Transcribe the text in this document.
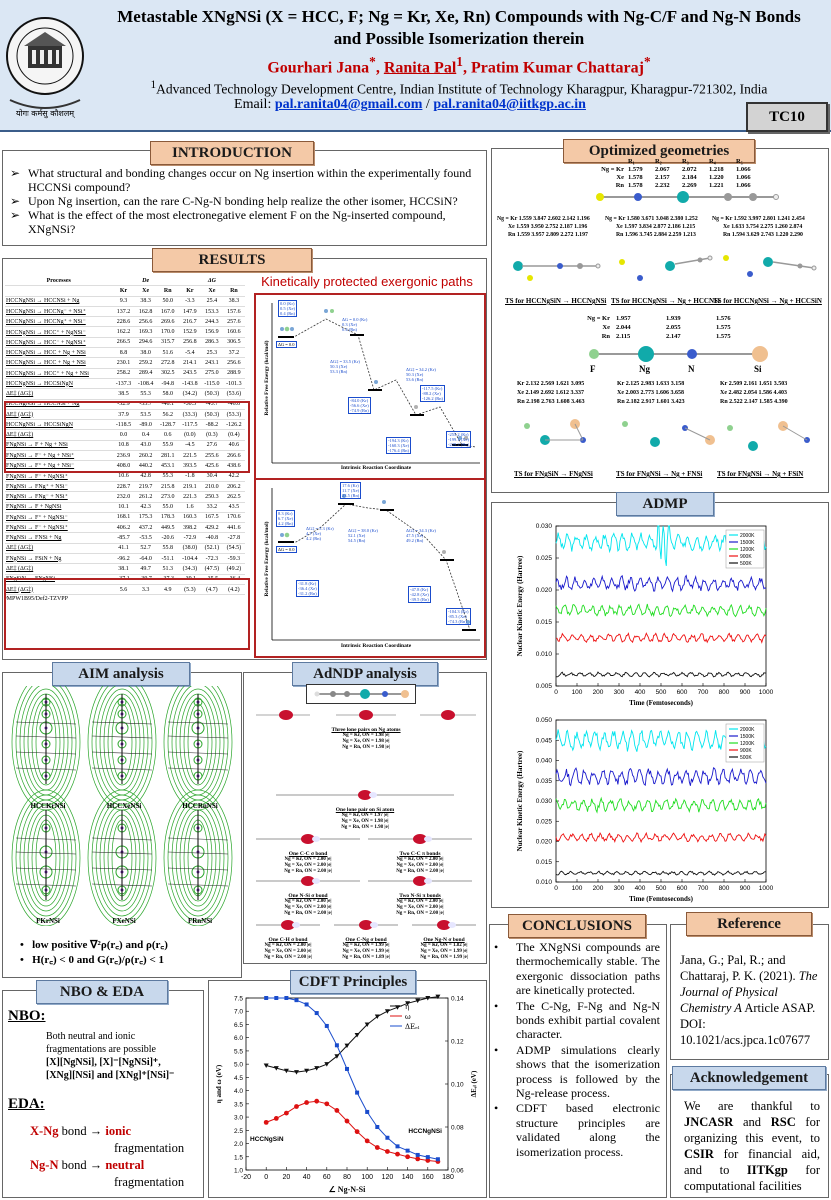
योगः कर्मसु कौशलम्
Metastable XNgNSi (X = HCC, F; Ng = Kr, Xe, Rn) Compounds with Ng-C/F and Ng-N Bonds
and Possible Isomerization therein
Gourhari Jana*, Ranita Pal$^1$, Pratim Kumar Chattaraj*
$^1$Advanced Technology Development Centre, Indian Institute of Technology Kharagpur, Kharagpur-721302, India
Email: pal.ranita04@gmail.com / pal.ranita04@iitkgp.ac.in
TC10
INTRODUCTION
➢ What structural and bonding changes occur on Ng insertion within the experimentally found HCCNSi compound?
➢ Upon Ng insertion, can the rare C-Ng-N bonding help realize the other isomer, HCCSiN?
➢ What is the effect of the most electronegative element F on the Ng-inserted compound, XNgNSi?
RESULTS
Processes	De			ΔG		
	Kr	Xe	Rn	Kr	Xe	Rn
HCCNgNSi → HCCNSi + Ng	9.3	38.3	50.0	-3.3	25.4	38.3
HCCNgNSi → HCCNg⁻ + NSi⁺	137.2	162.8	167.0	147.9	153.3	157.6
HCCNgNSi → HCCNg⁺ + NSi⁻	228.6	256.6	269.6	216.7	244.3	257.6
HCCNgNSi → HCC⁺ + NgNSi⁻	162.2	169.3	170.0	152.9	156.9	160.6
HCCNgNSi → HCC⁻ + NgNSi⁺	266.5	294.6	315.7	256.8	286.3	306.5
HCCNgNSi → HCC + Ng + NSi	8.8	38.0	51.6	-5.4	25.3	37.2
HCCNgNSi → HCC + Ng + NSi	230.1	259.2	272.8	214.1	243.1	256.6
HCCNgNSi → HCC⁺ + Ng + NSi	258.2	289.4	302.5	243.5	275.0	288.9
HCCNgNSi → HCCSiNgN	-137.3	-108.4	-94.8	-143.8	-115.0	-101.3
ΔE‡ (ΔG‡)	38.5	55.3	58.0	(34.2)	(50.3)	(53.6)
HCCNgNSi → HCCNSi + Ng	-52.9	-53.7	-46.1	-50.3	-45.7	-46.0
ΔE‡ (ΔG‡)	37.9	53.5	56.2	(33.3)	(50.3)	(53.3)
HCCNgNSi → HCCSiNgN	-118.5	-89.0	-128.7	-117.5	-88.2	-126.2
ΔE‡ (ΔG‡)	0.0	0.4	0.6	(0.0)	(0.3)	(0.4)
FNgNSi → F + Ng + NSi	10.8	43.0	55.9	-4.5	27.6	40.6
FNgNSi → F⁻ + Ng + NSi⁺	236.9	260.2	281.1	221.5	255.6	266.6
FNgNSi → F⁺ + Ng + NSi⁻	408.0	440.2	453.1	393.5	425.6	438.6
FNgNSi → F⁻ + NgNSi⁺	10.6	42.8	55.3	-1.8	30.4	42.2
FNgNSi → FNg⁺ + NSi⁻	228.7	219.7	215.8	219.1	210.0	206.2
FNgNSi → FNg⁻ + NSi⁺	232.0	261.2	273.0	221.3	250.3	262.5
FNgNSi → F + NgNSi	10.1	42.3	55.0	1.6	33.2	43.5
FNgNSi → F⁺ + NgNSi⁻	168.1	175.3	178.3	160.3	167.5	170.6
FNgNSi → F⁻ + NgNSi⁺	406.2	437.2	449.5	398.2	429.2	441.6
FNgNSi → FNSi + Ng	-85.7	-53.5	-20.6	-72.9	-40.8	-27.8
ΔE‡ (ΔG‡)	41.1	52.7	55.8	(38.0)	(52.1)	(54.5)
FNgNSi → FSiN + Ng	-96.2	-64.0	-51.1	-104.4	-72.3	-59.3
ΔE‡ (ΔG‡)	38.1	49.7	51.3	(34.3)	(47.5)	(49.2)
FNgSiN → FNgNSi	-37.1	-39.7	-37.3	-39.1	-35.5	-36.4
ΔE‡ (ΔG‡)	5.6	3.3	4.9	(5.3)	(4.7)	(4.2)
ᵃMPW1B95/Def2-TZVPP
Kinetically protected exergonic paths
Relative Free Energy (kcal/mol)
Intrinsic Reaction Coordinate
0.0 (Kr)
0.5 (Xe)
0.4 (Rn)
ΔG = 0.0
ΔG = 0.0 (Kr)
0.3 (Xe)
0.4 (Rn)
ΔG‡ = 33.5 (Kr)
50.3 (Xe)
53.3 (Rn)
-84.0 (Kr)
-56.6 (Xe)
-74.9 (Rn)
ΔG‡ = 34.2 (Kr)
50.3 (Xe)
53.6 (Rn)
-117.5 (Kr)
-88.2 (Xe)
-126.2 (Rn)
-194.3 (Kr)
-160.3 (Xe)
-176.4 (Rn)
-255.2 (Kr)
-199.1 (Xe)
-229.2 (Rn)
Relative Free Energy (kcal/mol)
Intrinsic Reaction Coordinate
8.3 (Kr)
6.7 (Xe)
4.2 (Rn)
ΔG = 0.0
ΔG‡ = 5.3 (Kr)
4.7 (Xe)
4.2 (Rn)
17.6 (Kr)
11.7 (Xe)
23.5 (Rn)
ΔG‡ = 38.0 (Kr)
52.1 (Xe)
54.5 (Rn)
ΔG‡ = 34.3 (Kr)
47.5 (Xe)
49.2 (Rn)
-31.8 (Kr)
-36.4 (Xe)
-31.2 (Rn)
-47.8 (Kr)
-42.8 (Xe)
-39.5 (Rn)
-104.3 (Kr)
-85.3 (Xe)
-74.3 (Rn)
Optimized geometries
R₁	R₂	R₃	R₄	R₅
Ng = Kr 1.579 2.067 2.072 1.218 1.066
Xe 1.578 2.157 2.184 1.220 1.066
Rn 1.578 2.232 2.269 1.221 1.066
Ng = Kr 1.559 3.847 2.602 2.142 1.196
Xe 1.559 3.950 2.752 2.187 1.196
Rn 1.559 3.957 2.809 2.272 1.197
Ng = Kr 1.580 3.671 3.048 2.380 1.252
Xe 1.597 3.834 2.877 2.186 1.215
Rn 1.596 3.745 2.884 2.259 1.213
Ng = Kr 1.592 3.997 2.801 1.241 2.454
Xe 1.633 3.754 2.275 1.260 2.874
Rn 1.594 3.629 2.743 1.220 2.290
TS for HCCNgSiN → HCCNgNSi TS for HCCNgNSi → Ng + HCCNSi
TS for HCCNgNSi → Ng + HCCSiN
Ng = Kr 1.957	1.939	1.576
Xe 2.044	2.055	1.575
Rn 2.115	2.147	1.575
F	Ng	N	Si
Kr 2.132 2.569 1.621 3.095
Xe 2.149 2.692 1.612 3.337
Rn 2.198 2.763 1.608 3.463
Kr 2.125 2.983 1.633 3.158
Xe 2.003 2.773 1.606 3.658
Rn 2.182 2.917 1.601 3.423
Kr 2.509 2.161 1.651 3.503
Xe 2.482 2.054 1.586 4.403
Rn 2.522 2.147 1.585 4.390
TS for FNgSiN → FNgNSi	TS for FNgNSi → Ng + FNSi TS for FNgNSi → Ng + FSiN
ADMP
0.030
0.025
0.020
0.015
0.010
0.005
0 100 200 300 400 500 600 700 800 900 1000
Time (Femtoseconds)
Nuclear Kinetic Energy (Hartree)
2000K
1500K
1200K
900K
500K
0.050
0.045
0.040
0.035
0.030
0.025
0.020
0.015
0.010
0 100 200 300 400 500 600 700 800 900 1000
Time (Femtoseconds)
Nuclear Kinetic Energy (Hartree)
2000K
1500K
1200K
900K
500K
AIM analysis
HCCKrNSi	HCCXeNSi	HCCRnNSi
FKrNSi	FXeNSi	FRnNSi
•   low positive ∇²ρ(r꜀) and ρ(r꜀)
•   H(r꜀) < 0 and G(r꜀)/ρ(r꜀) < 1
AdNDP analysis
Three lone pairs on Ng atoms
Ng = Kr, ON = 1.98 |e|
Ng = Xe, ON = 1.98 |e|
Ng = Rn, ON = 1.98 |e|
One lone pair on Si atom
Ng = Kr, ON = 1.97 |e|
Ng = Xe, ON = 1.98 |e|
Ng = Rn, ON = 1.98 |e|
One C-C σ bond
Ng = Kr, ON = 2.00 |e|
Ng = Xe, ON = 2.00 |e|
Ng = Rn, ON = 2.00 |e|
Two C-C π bonds
Ng = Kr, ON = 2.00 |e|
Ng = Xe, ON = 2.00 |e|
Ng = Rn, ON = 2.00 |e|
One N-Si σ bond
Ng = Kr, ON = 2.00 |e|
Ng = Xe, ON = 2.00 |e|
Ng = Rn, ON = 2.00 |e|
Two N-Si π bonds
Ng = Kr, ON = 2.00 |e|
Ng = Xe, ON = 2.00 |e|
Ng = Rn, ON = 2.00 |e|
One C-H σ bond
Ng = Kr, ON = 2.00 |e|
Ng = Xe, ON = 2.00 |e|
Ng = Rn, ON = 2.00 |e|
One C-Ng σ bond
Ng = Kr, ON = 1.99 |e|
Ng = Xe, ON = 1.99 |e|
Ng = Rn, ON = 1.89 |e|
One Ng-N σ bond
Ng = Kr, ON = 1.82 |e|
Ng = Xe, ON = 1.99 |e|
Ng = Rn, ON = 1.99 |e|
NBO & EDA
NBO:
Both neutral and ionic
fragmentations are possible
[X][NgNSi], [X]⁻[NgNSi]⁺,
[XNg][NSi] and [XNg]⁺[NSi]⁻
EDA:
X-Ng bond → ionic
fragmentation
Ng-N bond → neutral
fragmentation
CDFT Principles
-20 0 20 40 60 80 100 120 140 160 180
7.5
7.0
6.5
6.0
5.5
5.0
4.5
4.0
3.5
3.0
2.5
2.0
1.5
1.0
0.14
0.12
0.10
0.08
0.06
∠ Ng-N-Si
η and ω (eV)	ΔEₑₗ (eV)
η
ω
ΔEₑₗ
HCCNgSiN
HCCNgNSi
CONCLUSIONS
•	The XNgNSi compounds are thermochemically stable. The exergonic dissociation paths are kinetically protected.
•	The C-Ng, F-Ng and Ng-N bonds exhibit partial covalent character.
•	ADMP simulations clearly shows that the isomerization process is followed by the Ng-release process.
•	CDFT based electronic structure principles are validated along the isomerization process.
Reference
Jana, G.; Pal, R.; and Chattaraj, P. K. (2021). The Journal of Physical Chemistry A Article ASAP. DOI: 10.1021/acs.jpca.1c07677
Acknowledgement
We are thankful to JNCASR and RSC for organizing this event, to CSIR for financial aid, and to IITKgp for computational facilities
